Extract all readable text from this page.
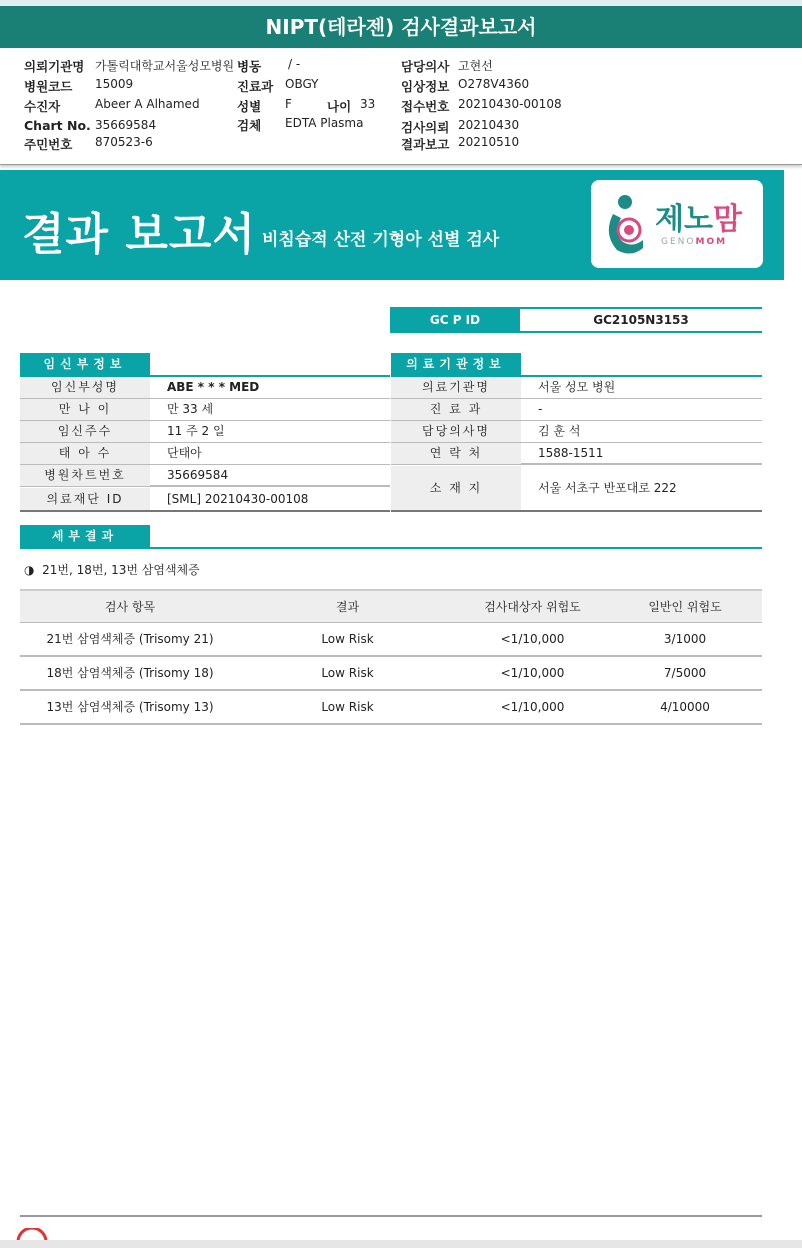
NIPT(테라젠) 검사결과보고서
의뢰기관명 가톨릭대학교서울성모병원
병원코드 15009
수진자	Abeer A Alhamed
Chart No. 35669584
주민번호 870523-6
병동 / -
진료과 OBGY
성별 F	나이 33
검체 EDTA Plasma
담당의사 고현선
임상정보 O278V4360
접수번호 20210430-00108
검사의뢰 20210430
결과보고 20210510
결과 보고서 비침습적 산전 기형아 선별 검사
제노맘
GENOMOM
GC P ID	GC2105N3153
임신부정보
임신부성명	ABE * * * MED
만 나 이	만 33 세
임신주수	11 주 2 일
태 아 수	단태아
병원차트번호	35669584
의료재단 ID	[SML] 20210430-00108
의료기관정보
의료기관명	서울 성모 병원
진 료 과	-
담당의사명	김 훈 석
연 락 처	1588-1511
소 재 지	서울 서초구 반포대로 222
세부결과
◑ 21번, 18번, 13번 삼염색체증
검사 항목	결과	검사대상자 위험도	일반인 위험도
21번 삼염색체증 (Trisomy 21)	Low Risk	<1/10,000	3/1000
18번 삼염색체증 (Trisomy 18)	Low Risk	<1/10,000	7/5000
13번 삼염색체증 (Trisomy 13)	Low Risk	<1/10,000	4/10000
